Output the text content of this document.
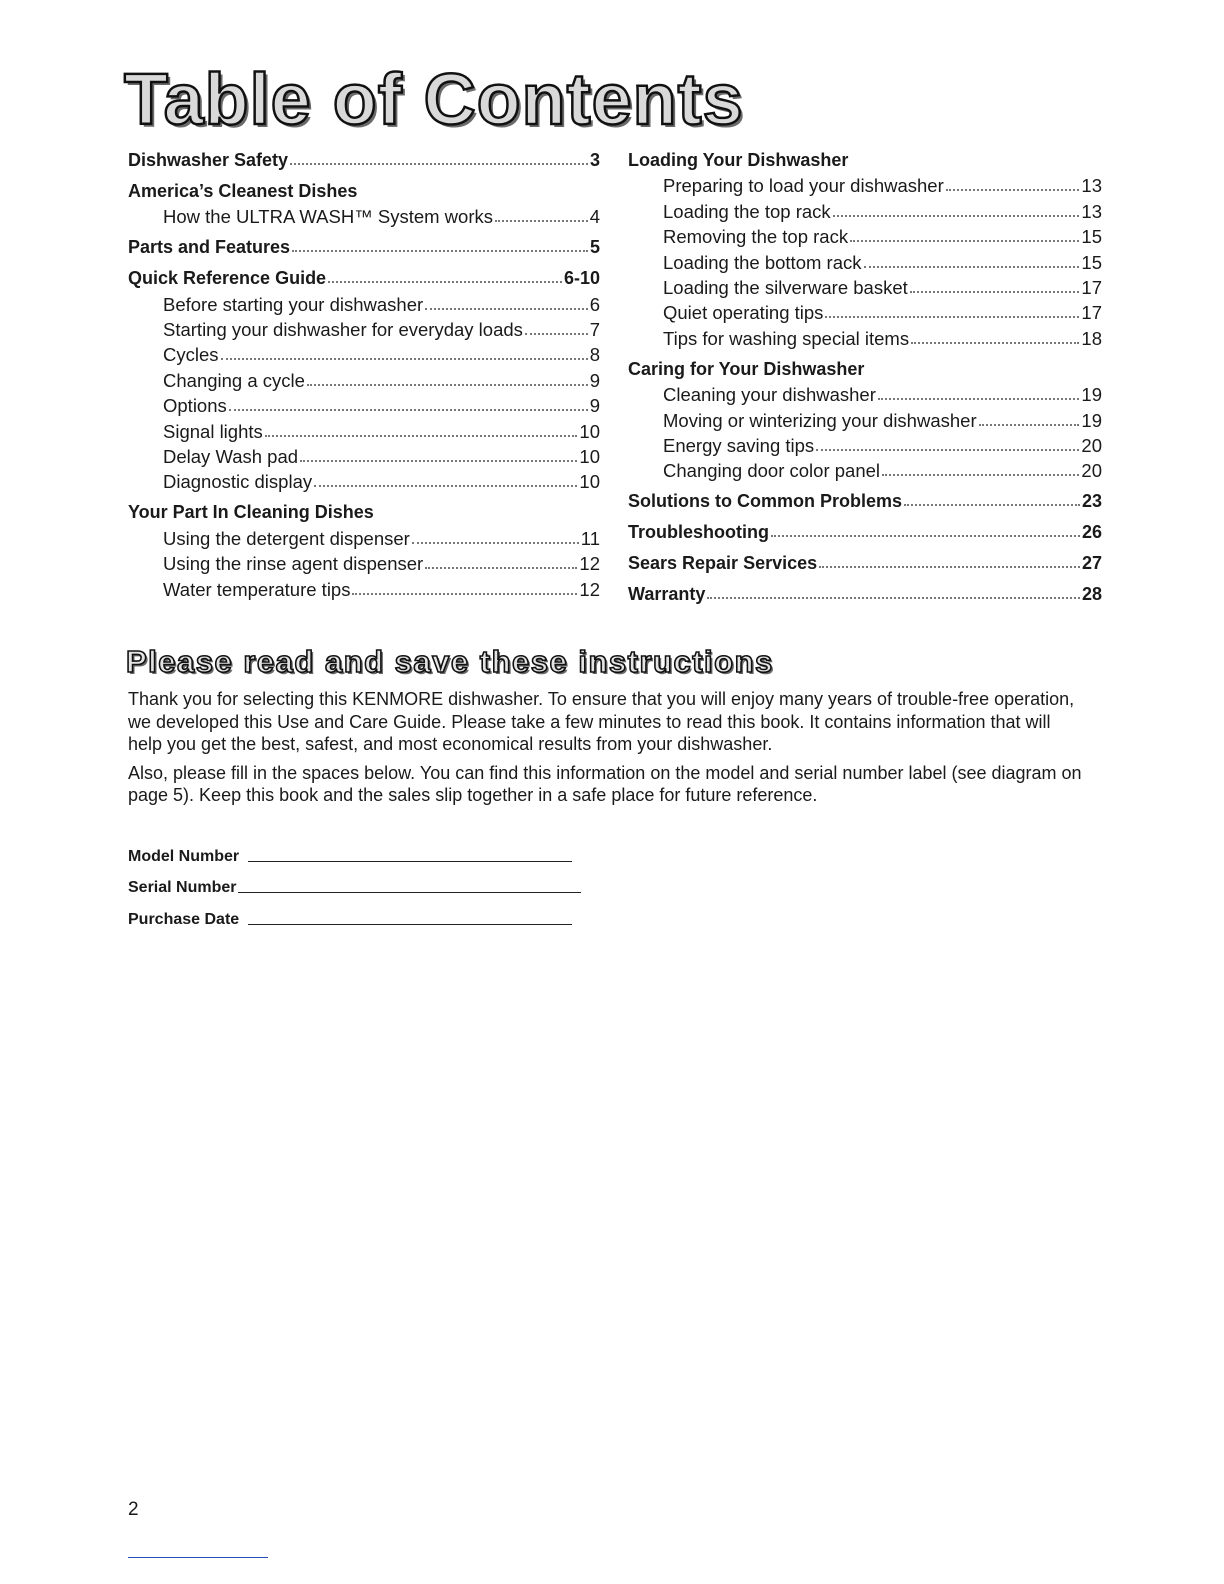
Table of Contents
Dishwasher Safety	3
America’s Cleanest Dishes
How the ULTRA WASH™ System works	4
Parts and Features	5
Quick Reference Guide	6-10
Before starting your dishwasher	6
Starting your dishwasher for everyday loads	7
Cycles	8
Changing a cycle	9
Options	9
Signal lights	10
Delay Wash pad	10
Diagnostic display	10
Your Part In Cleaning Dishes
Using the detergent dispenser	11
Using the rinse agent dispenser	12
Water temperature tips	12
Loading Your Dishwasher
Preparing to load your dishwasher	13
Loading the top rack	13
Removing the top rack	15
Loading the bottom rack	15
Loading the silverware basket	17
Quiet operating tips	17
Tips for washing special items	18
Caring for Your Dishwasher
Cleaning your dishwasher	19
Moving or winterizing your dishwasher	19
Energy saving tips	20
Changing door color panel	20
Solutions to Common Problems	23
Troubleshooting	26
Sears Repair Services	27
Warranty	28
Please read and save these instructions

Thank you for selecting this KENMORE dishwasher. To ensure that you will enjoy many years of trouble-free operation, we developed this Use and Care Guide. Please take a few minutes to read this book. It contains information that will help you get the best, safest, and most economical results from your dishwasher.

Also, please fill in the spaces below. You can find this information on the model and serial number label (see diagram on page 5). Keep this book and the sales slip together in a safe place for future reference.

Model Number
Serial Number
Purchase Date
2
